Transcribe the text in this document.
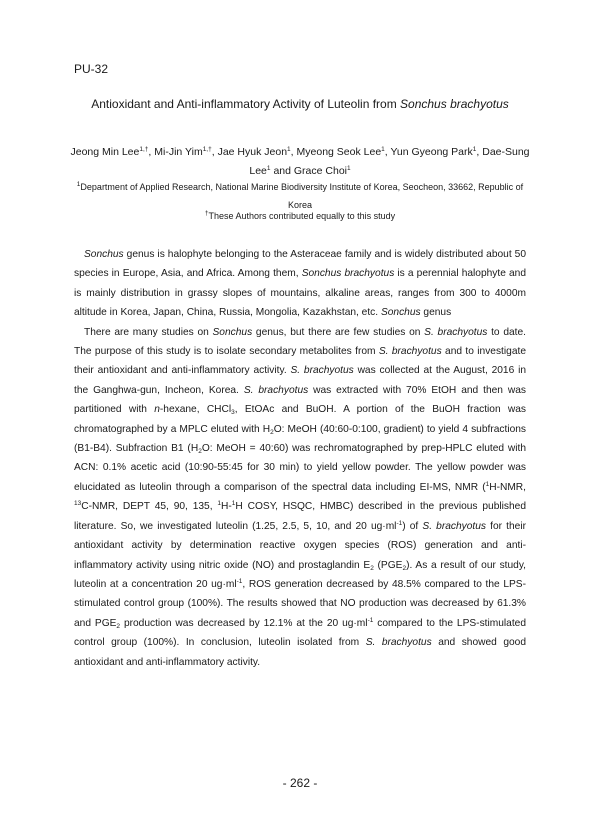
PU-32
Antioxidant and Anti-inflammatory Activity of Luteolin from Sonchus brachyotus
Jeong Min Lee$^{1,\dagger}$, Mi-Jin Yim$^{1,\dagger}$, Jae Hyuk Jeon$^1$, Myeong Seok Lee$^1$, Yun Gyeong Park$^1$, Dae-Sung Lee$^1$ and Grace Choi$^1$
$^1$Department of Applied Research, National Marine Biodiversity Institute of Korea, Seocheon, 33662, Republic of Korea
†These Authors contributed equally to this study

Sonchus genus is halophyte belonging to the Asteraceae family and is widely distributed about 50 species in Europe, Asia, and Africa. Among them, Sonchus brachyotus is a perennial halophyte and is mainly distribution in grassy slopes of mountains, alkaline areas, ranges from 300 to 4000m altitude in Korea, Japan, China, Russia, Mongolia, Kazakhstan, etc. Sonchus genus

There are many studies on Sonchus genus, but there are few studies on S. brachyotus to date. The purpose of this study is to isolate secondary metabolites from S. brachyotus and to investigate their antioxidant and anti-inflammatory activity. S. brachyotus was collected at the August, 2016 in the Ganghwa-gun, Incheon, Korea. S. brachyotus was extracted with 70% EtOH and then was partitioned with n-hexane, CHCl$_3$, EtOAc and BuOH. A portion of the BuOH fraction was chromatographed by a MPLC eluted with $H_2O$: MeOH (40:60-0:100, gradient) to yield 4 subfractions (B1-B4). Subfraction B1 ($H_2O$: MeOH = 40:60) was rechromatographed by prep-HPLC eluted with ACN: 0.1% acetic acid (10:90-55:45 for 30 min) to yield yellow powder. The yellow powder was elucidated as luteolin through a comparison of the spectral data including EI-MS, NMR ($^1$H-NMR, $^{13}$C-NMR, DEPT 45, 90, 135, $^1$H-$^1$H COSY, HSQC, HMBC) described in the previous published literature. So, we investigated luteolin (1.25, 2.5, 5, 10, and 20 $ug\cdot ml^{-1}$) of S. brachyotus for their antioxidant activity by determination reactive oxygen species (ROS) generation and anti-inflammatory activity using nitric oxide (NO) and prostaglandin $E_2$ $(PGE_2)$. As a result of our study, luteolin at a concentration 20 $ug\cdot ml^{-1}$, ROS generation decreased by 48.5% compared to the LPS-stimulated control group (100%). The results showed that NO production was decreased by 61.3% and $PGE_2$ production was decreased by 12.1% at the 20 $ug\cdot ml^{-1}$ compared to the LPS-stimulated control group (100%). In conclusion, luteolin isolated from S. brachyotus and showed good antioxidant and anti-inflammatory activity.

- 262 -
